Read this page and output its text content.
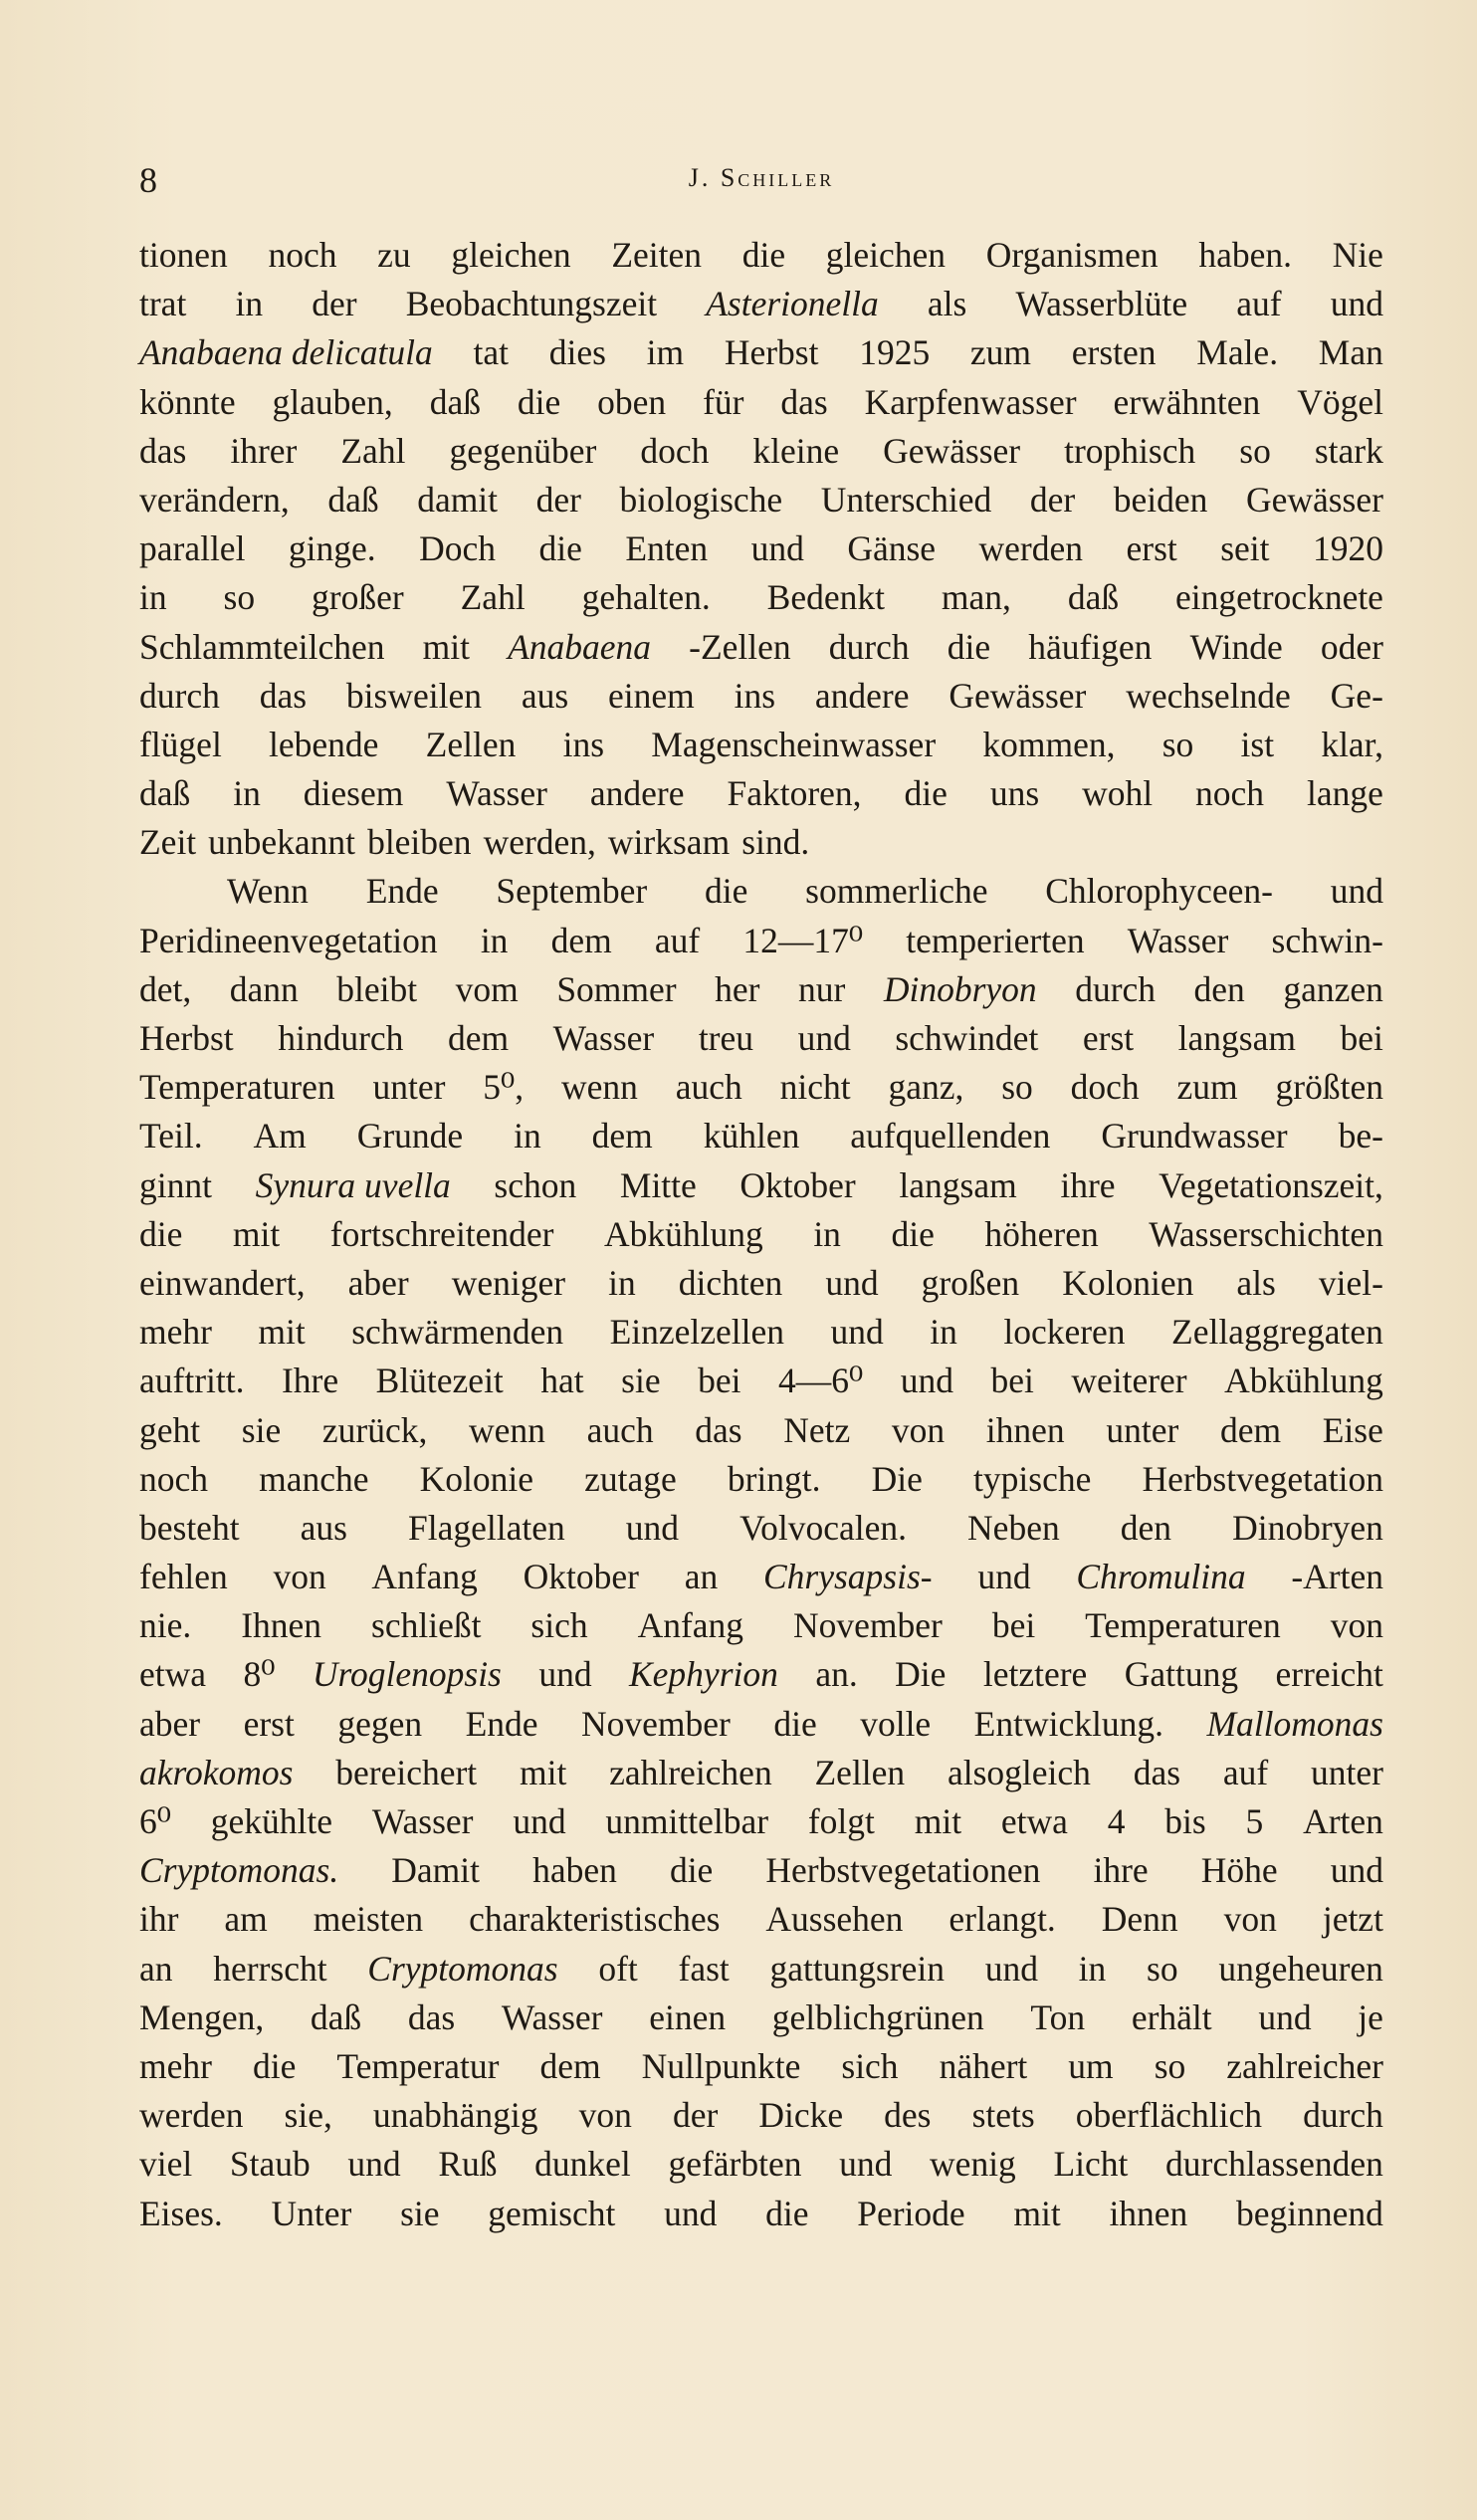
8	J. Schiller
tionen noch zu gleichen Zeiten die gleichen Organismen haben. Nie
trat in der Beobachtungszeit Asterionella als Wasserblüte auf und
Anabaena delicatula tat dies im Herbst 1925 zum ersten Male. Man
könnte glauben, daß die oben für das Karpfenwasser erwähnten Vögel
das ihrer Zahl gegenüber doch kleine Gewässer trophisch so stark
verändern, daß damit der biologische Unterschied der beiden Gewässer
parallel ginge. Doch die Enten und Gänse werden erst seit 1920
in so großer Zahl gehalten. Bedenkt man, daß eingetrocknete
Schlammteilchen mit Anabaena -Zellen durch die häufigen Winde oder
durch das bisweilen aus einem ins andere Gewässer wechselnde Ge-
flügel lebende Zellen ins Magenscheinwasser kommen, so ist klar,
daß in diesem Wasser andere Faktoren, die uns wohl noch lange
Zeit unbekannt bleiben werden, wirksam sind.
Wenn Ende September die sommerliche Chlorophyceen- und
Peridineenvegetation in dem auf 12—17⁰ temperierten Wasser schwin-
det, dann bleibt vom Sommer her nur Dinobryon durch den ganzen
Herbst hindurch dem Wasser treu und schwindet erst langsam bei
Temperaturen unter 5⁰, wenn auch nicht ganz, so doch zum größten
Teil. Am Grunde in dem kühlen aufquellenden Grundwasser be-
ginnt Synura uvella schon Mitte Oktober langsam ihre Vegetationszeit,
die mit fortschreitender Abkühlung in die höheren Wasserschichten
einwandert, aber weniger in dichten und großen Kolonien als viel-
mehr mit schwärmenden Einzelzellen und in lockeren Zellaggregaten
auftritt. Ihre Blütezeit hat sie bei 4—6⁰ und bei weiterer Abkühlung
geht sie zurück, wenn auch das Netz von ihnen unter dem Eise
noch manche Kolonie zutage bringt. Die typische Herbstvegetation
besteht aus Flagellaten und Volvocalen. Neben den Dinobryen
fehlen von Anfang Oktober an Chrysapsis- und Chromulina -Arten
nie. Ihnen schließt sich Anfang November bei Temperaturen von
etwa 8⁰ Uroglenopsis und Kephyrion an. Die letztere Gattung erreicht
aber erst gegen Ende November die volle Entwicklung. Mallomonas
akrokomos bereichert mit zahlreichen Zellen alsogleich das auf unter
6⁰ gekühlte Wasser und unmittelbar folgt mit etwa 4 bis 5 Arten
Cryptomonas. Damit haben die Herbstvegetationen ihre Höhe und
ihr am meisten charakteristisches Aussehen erlangt. Denn von jetzt
an herrscht Cryptomonas oft fast gattungsrein und in so ungeheuren
Mengen, daß das Wasser einen gelblichgrünen Ton erhält und je
mehr die Temperatur dem Nullpunkte sich nähert um so zahlreicher
werden sie, unabhängig von der Dicke des stets oberflächlich durch
viel Staub und Ruß dunkel gefärbten und wenig Licht durchlassenden
Eises. Unter sie gemischt und die Periode mit ihnen beginnend
